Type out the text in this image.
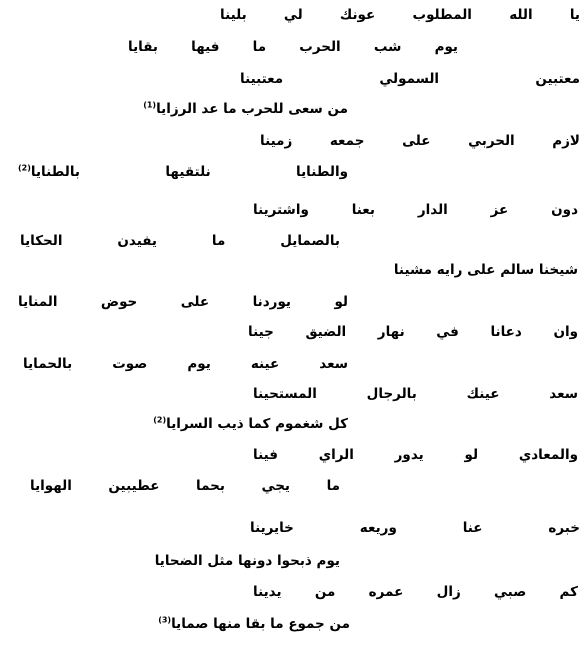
يا الله المطلوب عونك لي بلينا
يوم شب الحرب ما فيها بقايا
معتبين السمولي معتبينا
من سعى للحرب ما عد الرزايا$^{(1)}$
لازم الحربي على جمعه زمينا
والطنايا نلتقيها بالطنايا$^{(2)}$
دون عز الدار بعنا واشترينا
بالصمايل ما يفيدن الحكايا
شيخنا سالم على رايه مشينا
لو يوردنا على حوض المنايا
وان دعانا في نهار الضيق جينا
سعد عينه يوم صوت بالحمايا
سعد عينك بالرجال المستحينا
كل شغموم كما ذيب السرايا$^{(2)}$
والمعادي لو يدور الراي فينا
ما يجي بحما عطيبين الهوايا
خبره عنا وريعه خايرينا
يوم ذبحوا دونها مثل الضحايا
كم صبي زال عمره من يدينا
من جموع ما بقا منها صمايا$^{(3)}$
